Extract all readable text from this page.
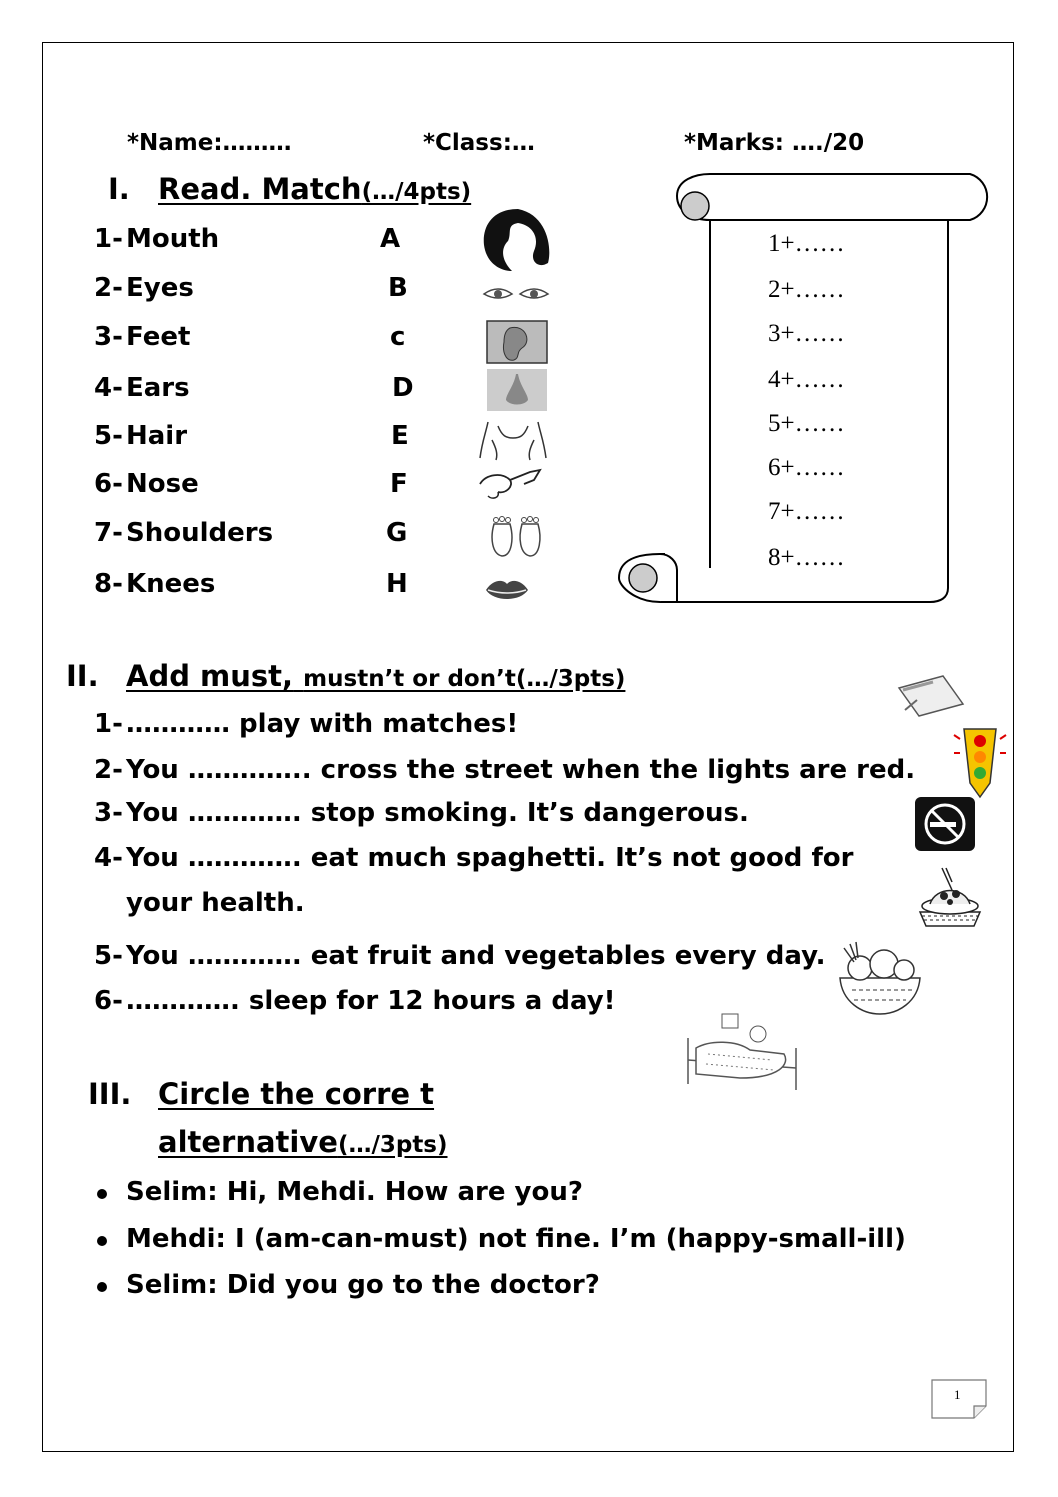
*Name:………	*Class:…	*Marks: …./20
I. Read. Match(…/4pts)
1- Mouth	A
2- Eyes	B
3- Feet	c
4- Ears	D
5- Hair	E
6- Nose	F
7- Shoulders	G
8- Knees	H
1+……
2+……
3+……
4+……
5+……
6+……
7+……
8+……
II. Add must, mustn’t or don’t(…/3pts)
1- ………… play with matches!
2- You ………….. cross the street when the lights are red.
3- You …………. stop smoking. It’s dangerous.
4- You …………. eat much spaghetti. It’s not good for
your health.
5- You …………. eat fruit and vegetables every day.
6- …………. sleep for 12 hours a day!
III. Circle the corre t
alternative(…/3pts)
Selim: Hi, Mehdi. How are you?
Mehdi: I (am-can-must) not fine. I’m (happy-small-ill)
Selim: Did you go to the doctor?
1
